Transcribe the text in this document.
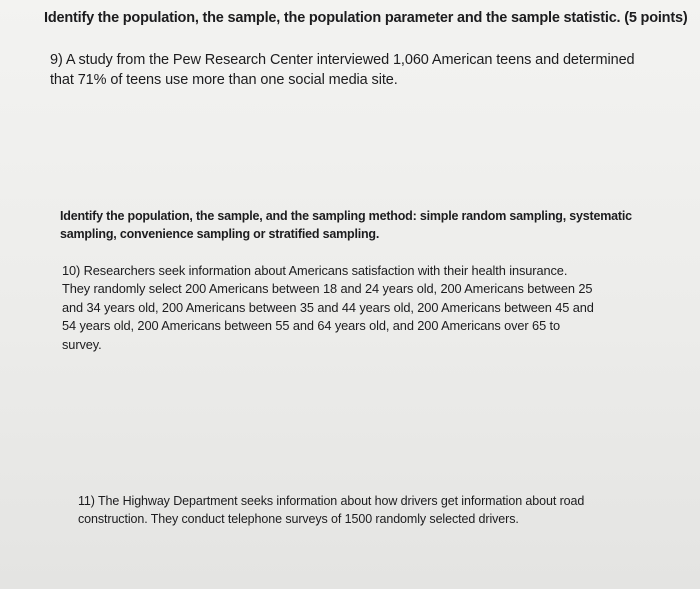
Identify the population, the sample, the population parameter and the sample statistic. (5 points)

9) A study from the Pew Research Center interviewed 1,060 American teens and determined
that 71% of teens use more than one social media site.

Identify the population, the sample, and the sampling method: simple random sampling, systematic
sampling, convenience sampling or stratified sampling.

10) Researchers seek information about Americans satisfaction with their health insurance.
They randomly select 200 Americans between 18 and 24 years old, 200 Americans between 25
and 34 years old, 200 Americans between 35 and 44 years old, 200 Americans between 45 and
54 years old, 200 Americans between 55 and 64 years old, and 200 Americans over 65 to
survey.

11) The Highway Department seeks information about how drivers get information about road
construction. They conduct telephone surveys of 1500 randomly selected drivers.
